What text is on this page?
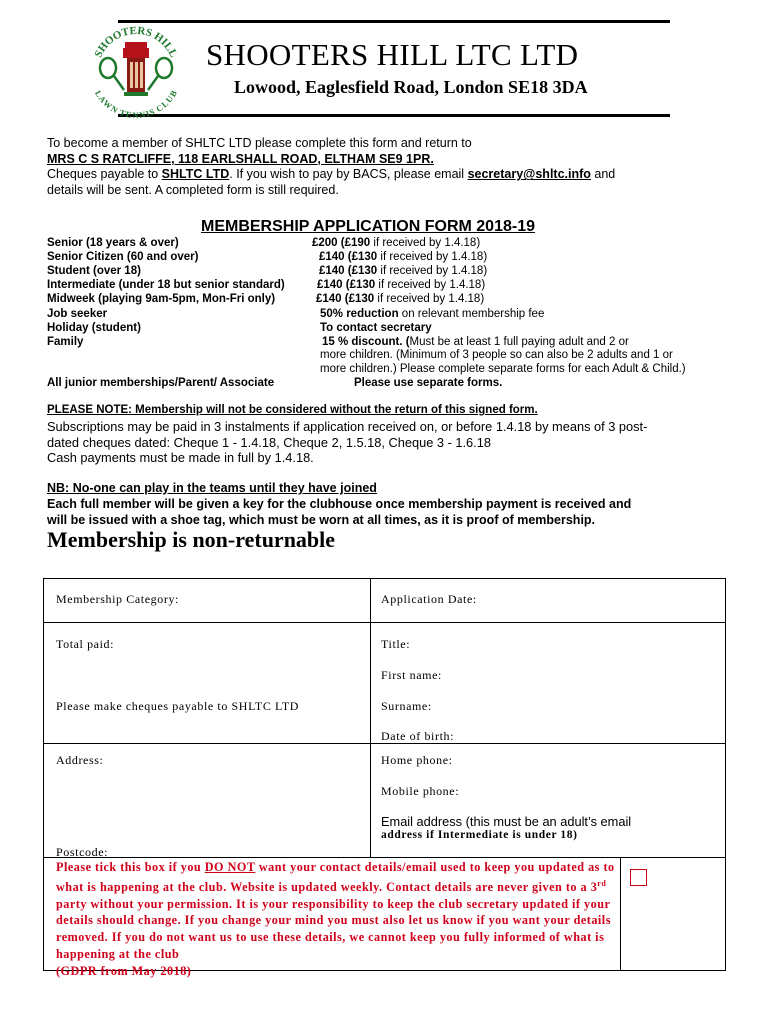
SHOOTERS HILL
LAWN TENNIS CLUB
SHOOTERS HILL LTC LTD
Lowood, Eaglesfield Road, London SE18 3DA
To become a member of SHLTC LTD please complete this form and return to
MRS C S RATCLIFFE, 118 EARLSHALL ROAD, ELTHAM SE9 1PR.
Cheques payable to SHLTC LTD. If you wish to pay by BACS, please email secretary@shltc.info and
details will be sent. A completed form is still required.
MEMBERSHIP APPLICATION FORM 2018-19
Senior (18 years & over)	£200 (£190 if received by 1.4.18)
Senior Citizen (60 and over)	£140 (£130 if received by 1.4.18)
Student (over 18)	£140 (£130 if received by 1.4.18)
Intermediate (under 18 but senior standard)	£140 (£130 if received by 1.4.18)
Midweek (playing 9am-5pm, Mon-Fri only)	£140 (£130 if received by 1.4.18)
Job seeker	50% reduction on relevant membership fee
Holiday (student)	To contact secretary
Family	15 % discount. (Must be at least 1 full paying adult and 2 or
more children. (Minimum of 3 people so can also be 2 adults and 1 or
more children.) Please complete separate forms for each Adult & Child.)
All junior memberships/Parent/ Associate	Please use separate forms.
PLEASE NOTE: Membership will not be considered without the return of this signed form.
Subscriptions may be paid in 3 instalments if application received on, or before 1.4.18 by means of 3 post-
dated cheques dated: Cheque 1 - 1.4.18, Cheque 2, 1.5.18, Cheque 3 - 1.6.18
Cash payments must be made in full by 1.4.18.
NB: No-one can play in the teams until they have joined
Each full member will be given a key for the clubhouse once membership payment is received and
will be issued with a shoe tag, which must be worn at all times, as it is proof of membership.
Membership is non-returnable
Membership Category:	Application Date:
Total paid:	Title:
First name:
Please make cheques payable to SHLTC LTD	Surname:
Date of birth:
Address:	Home phone:
Mobile phone:
Email address (this must be an adult’s email
address if Intermediate is under 18)
Postcode:
Please tick this box if you DO NOT want your contact details/email used to keep you updated as to what is happening at the club. Website is updated weekly. Contact details are never given to a 3rd party without your permission. It is your responsibility to keep the club secretary updated if your details should change. If you change your mind you must also let us know if you want your details removed. If you do not want us to use these details, we cannot keep you fully informed of what is happening at the club
(GDPR from May 2018)
